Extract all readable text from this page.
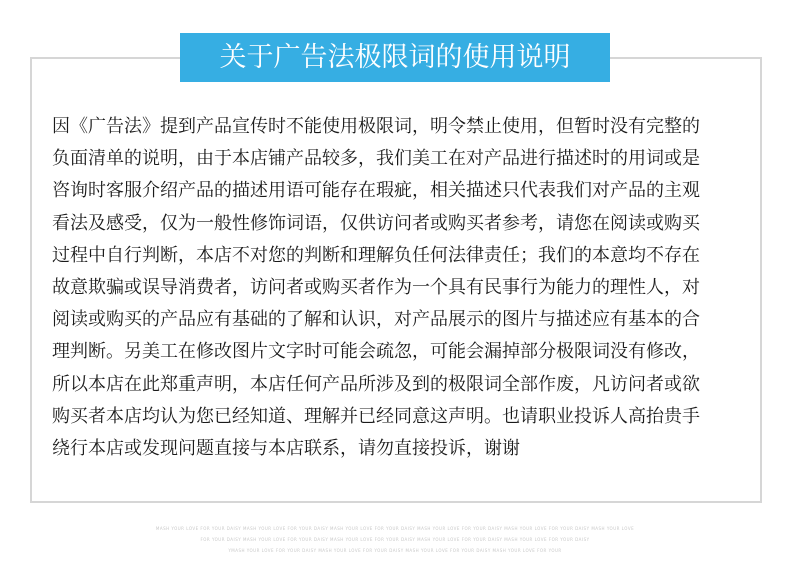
关于广告法极限词的使用说明
因《广告法》提到产品宣传时不能使用极限词，明令禁止使用，但暂时没有完整的
负面清单的说明，由于本店铺产品较多，我们美工在对产品进行描述时的用词或是
咨询时客服介绍产品的描述用语可能存在瑕疵，相关描述只代表我们对产品的主观
看法及感受，仅为一般性修饰词语，仅供访问者或购买者参考，请您在阅读或购买
过程中自行判断，本店不对您的判断和理解负任何法律责任；我们的本意均不存在
故意欺骗或误导消费者，访问者或购买者作为一个具有民事行为能力的理性人，对
阅读或购买的产品应有基础的了解和认识，对产品展示的图片与描述应有基本的合
理判断。另美工在修改图片文字时可能会疏忽，可能会漏掉部分极限词没有修改，
所以本店在此郑重声明，本店任何产品所涉及到的极限词全部作废，凡访问者或欲
购买者本店均认为您已经知道、理解并已经同意这声明。也请职业投诉人高抬贵手
绕行本店或发现问题直接与本店联系，请勿直接投诉，谢谢
MASH YOUR LOVE FOR YOUR DAISY MASH YOUR LOVE FOR YOUR DAISY MASH YOUR LOVE FOR YOUR DAISY MASH YOUR LOVE FOR YOUR DAISY MASH YOUR LOVE FOR YOUR DAISY MASH YOUR LOVE
FOR YOUR DAISY MASH YOUR LOVE FOR YOUR DAISY MASH YOUR LOVE FOR YOUR DAISY MASH YOUR LOVE FOR YOUR DAISY MASH YOUR LOVE FOR YOUR DAISY
YMASH YOUR LOVE FOR YOUR DAISY MASH YOUR LOVE FOR YOUR DAISY MASH YOUR LOVE FOR YOUR DAISY MASH YOUR LOVE FOR YOUR
